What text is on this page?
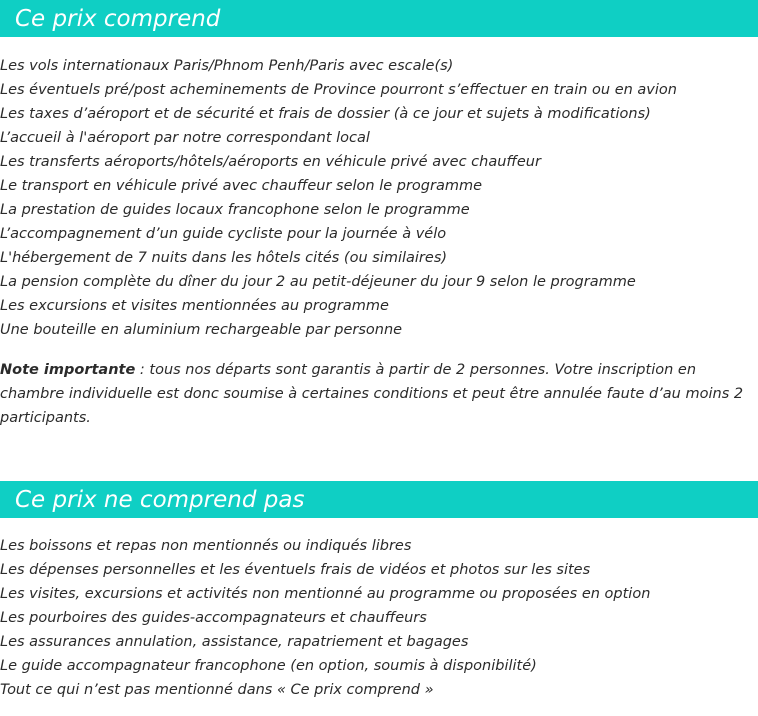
Ce prix comprend
Les vols internationaux Paris/Phnom Penh/Paris avec escale(s)
Les éventuels pré/post acheminements de Province pourront s’effectuer en train ou en avion
Les taxes d’aéroport et de sécurité et frais de dossier (à ce jour et sujets à modifications)
L’accueil à l'aéroport par notre correspondant local
Les transferts aéroports/hôtels/aéroports en véhicule privé avec chauffeur
Le transport en véhicule privé avec chauffeur selon le programme
La prestation de guides locaux francophone selon le programme
L’accompagnement d’un guide cycliste pour la journée à vélo
L'hébergement de 7 nuits dans les hôtels cités (ou similaires)
La pension complète du dîner du jour 2 au petit-déjeuner du jour 9 selon le programme
Les excursions et visites mentionnées au programme
Une bouteille en aluminium rechargeable par personne

Note importante : tous nos départs sont garantis à partir de 2 personnes. Votre inscription en chambre individuelle est donc soumise à certaines conditions et peut être annulée faute d’au moins 2 participants.

Ce prix ne comprend pas
Les boissons et repas non mentionnés ou indiqués libres
Les dépenses personnelles et les éventuels frais de vidéos et photos sur les sites
Les visites, excursions et activités non mentionné au programme ou proposées en option
Les pourboires des guides-accompagnateurs et chauffeurs
Les assurances annulation, assistance, rapatriement et bagages
Le guide accompagnateur francophone (en option, soumis à disponibilité)
Tout ce qui n’est pas mentionné dans « Ce prix comprend »
